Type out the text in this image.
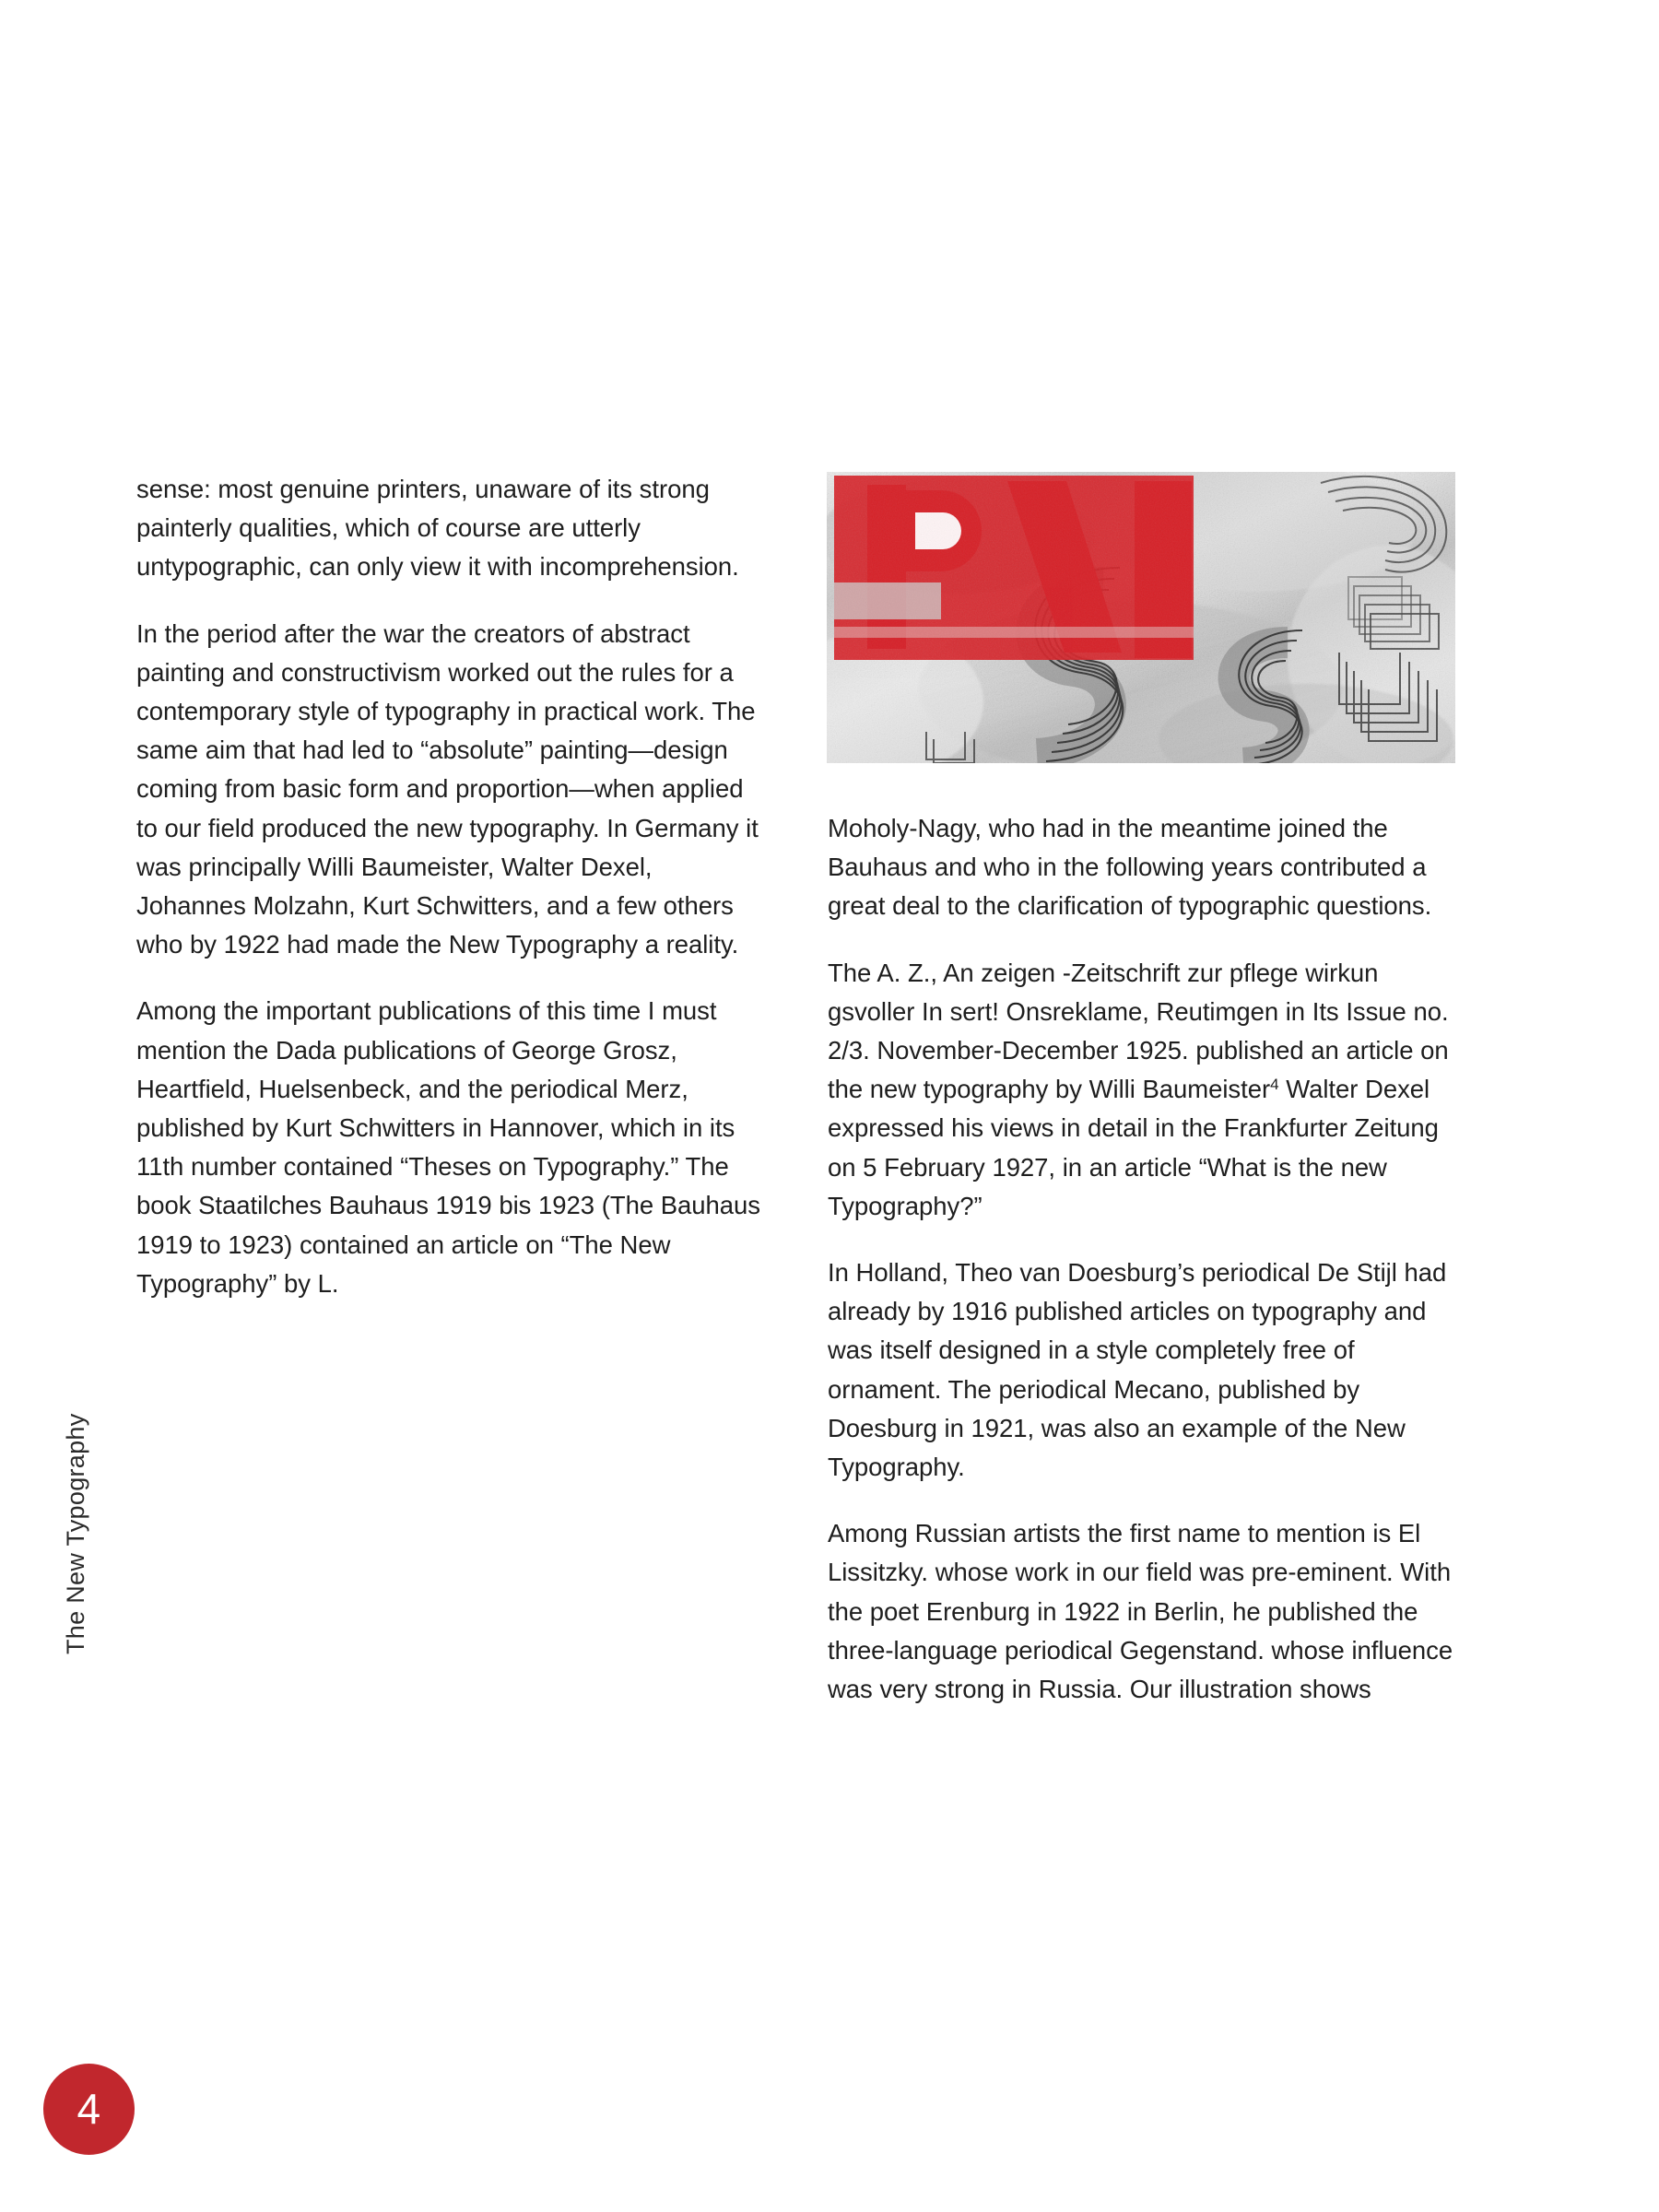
sense: most genuine printers, unaware of its strong painterly qualities, which of course are utterly untypographic, can only view it with incomprehension.

In the period after the war the creators of abstract painting and constructivism worked out the rules for a contemporary style of typography in practical work. The same aim that had led to “absolute” painting—design coming from basic form and proportion—when applied to our field produced the new typography. In Germany it was principally Willi Baumeister, Walter Dexel, Johannes Molzahn, Kurt Schwitters, and a few others who by 1922 had made the New Typography a reality.

Among the important publications of this time I must mention the Dada publications of George Grosz, Heartfield, Huelsenbeck, and the periodical Merz, published by Kurt Schwitters in Hannover, which in its 11th number contained “Theses on Typography.” The book Staatilches Bauhaus 1919 bis 1923 (The Bauhaus 1919 to 1923) contained an article on “The New Typography” by L.

Moholy-Nagy, who had in the meantime joined the Bauhaus and who in the following years contributed a great deal to the clarification of typographic questions.

The A. Z., An zeigen -Zeitschrift zur pflege wirkun gsvoller In sert! Onsreklame, Reutimgen in Its Issue no. 2/3. November-December 1925. published an article on the new typography by Willi Baumeister$^4$ Walter Dexel expressed his views in detail in the Frankfurter Zeitung on 5 February 1927, in an article “What is the new Typography?”

In Holland, Theo van Doesburg’s periodical De Stijl had already by 1916 published articles on typography and was itself designed in a style completely free of ornament. The periodical Mecano, published by Doesburg in 1921, was also an example of the New Typography.

Among Russian artists the first name to mention is El Lissitzky. whose work in our field was pre-eminent. With the poet Erenburg in 1922 in Berlin, he published the three-language periodical Gegenstand. whose influence was very strong in Russia. Our illustration shows

The New Typography
4
